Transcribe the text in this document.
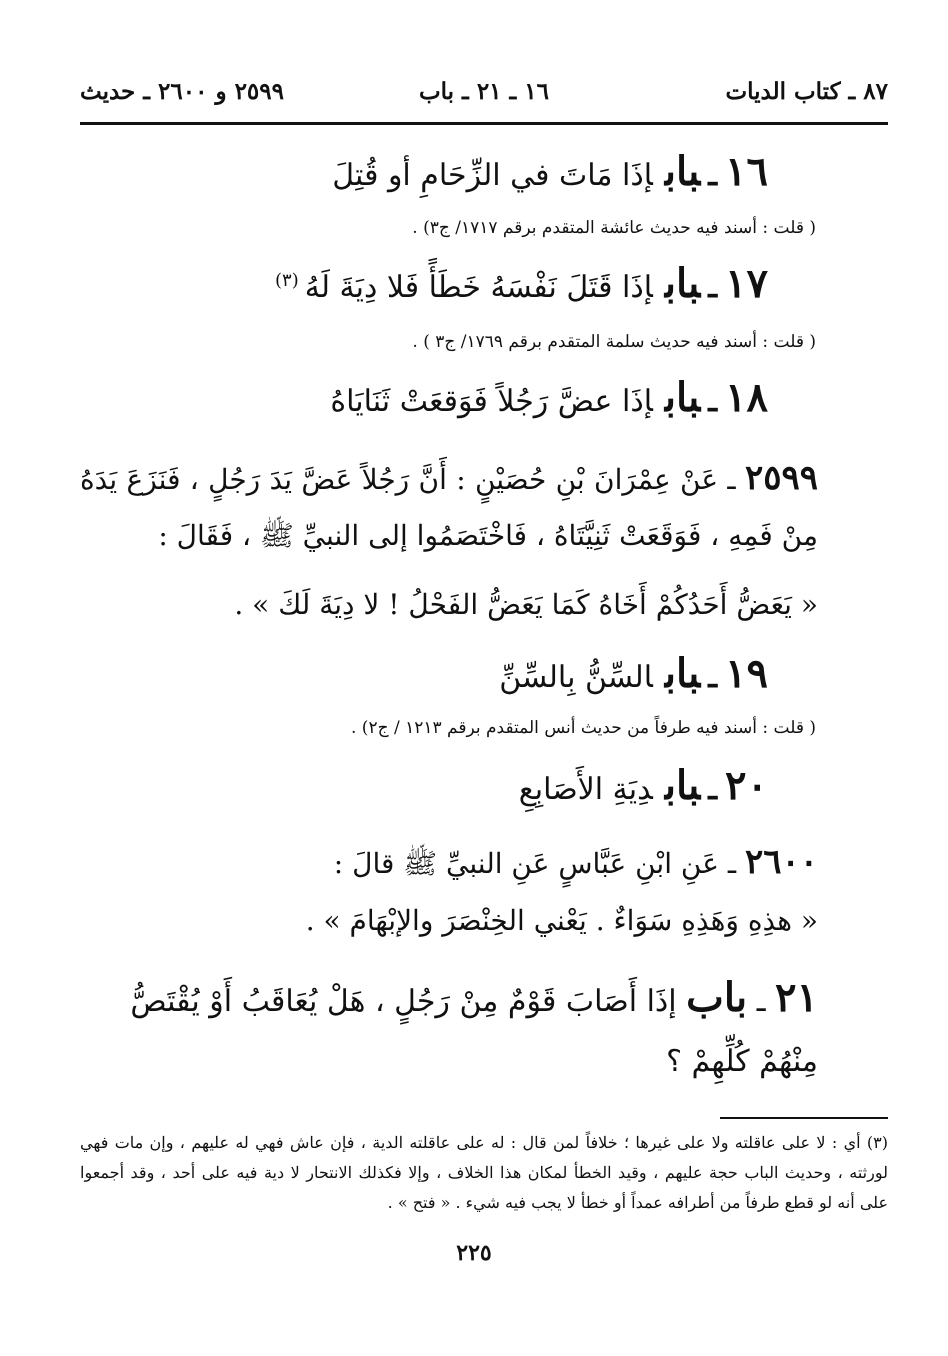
٨٧ ـ كتاب الديات
١٦ ـ ٢١ ـ باب
٢٥٩٩ و ٢٦٠٠ ـ حديث
١٦ـبابإذَا مَاتَ في الزِّحَامِ أو قُتِلَ
( قلت : أسند فيه حديث عائشة المتقدم برقم ١٧١٧/ ج٣) .
١٧ـبابإذَا قَتَلَ نَفْسَهُ خَطَأً فَلا دِيَةَ لَهُ$^{(٣)}$
( قلت : أسند فيه حديث سلمة المتقدم برقم ١٧٦٩/ ج٣ ) .
١٨ـبابإذَا عضَّ رَجُلاً فَوَقعَتْ ثَنَايَاهُ
٢٥٩٩ ـ عَنْ عِمْرَانَ بْنِ حُصَيْنٍ : أَنَّ رَجُلاً عَضَّ يَدَ رَجُلٍ ، فَنَزَعَ يَدَهُ مِنْ فَمِهِ ، فَوَقَعَتْ ثَنِيَّتَاهُ ، فَاخْتَصَمُوا إلى النبيِّ ﷺ ، فَقَالَ :
« يَعَضُّ أَحَدُكُمْ أَخَاهُ كَمَا يَعَضُّ الفَحْلُ ! لا دِيَةَ لَكَ » .
١٩ـبابالسِّنُّ بِالسِّنِّ
( قلت : أسند فيه طرفاً من حديث أنس المتقدم برقم ١٢١٣ / ج٢) .
٢٠ـبابدِيَةِ الأَصَابِعِ
٢٦٠٠ ـ عَنِ ابْنِ عَبَّاسٍ عَنِ النبيِّ ﷺ قالَ :
« هذِهِ وَهَذِهِ سَوَاءٌ . يَعْني الخِنْصَرَ والإبْهَامَ » .
٢١ ـ باب إذَا أَصَابَ قَوْمٌ مِنْ رَجُلٍ ، هَلْ يُعَاقَبُ أَوْ يُقْتَصُّ مِنْهُمْ كُلِّهِمْ ؟
(٣) أي : لا على عاقلته ولا على غيرها ؛ خلافاً لمن قال : له على عاقلته الدية ، فإن عاش فهي له عليهم ، وإن مات فهي لورثته ، وحديث الباب حجة عليهم ، وقيد الخطأ لمكان هذا الخلاف ، وإلا فكذلك الانتحار لا دية فيه على أحد ، وقد أجمعوا على أنه لو قطع طرفاً من أطرافه عمداً أو خطأ لا يجب فيه شيء . « فتح » .
٢٢٥
